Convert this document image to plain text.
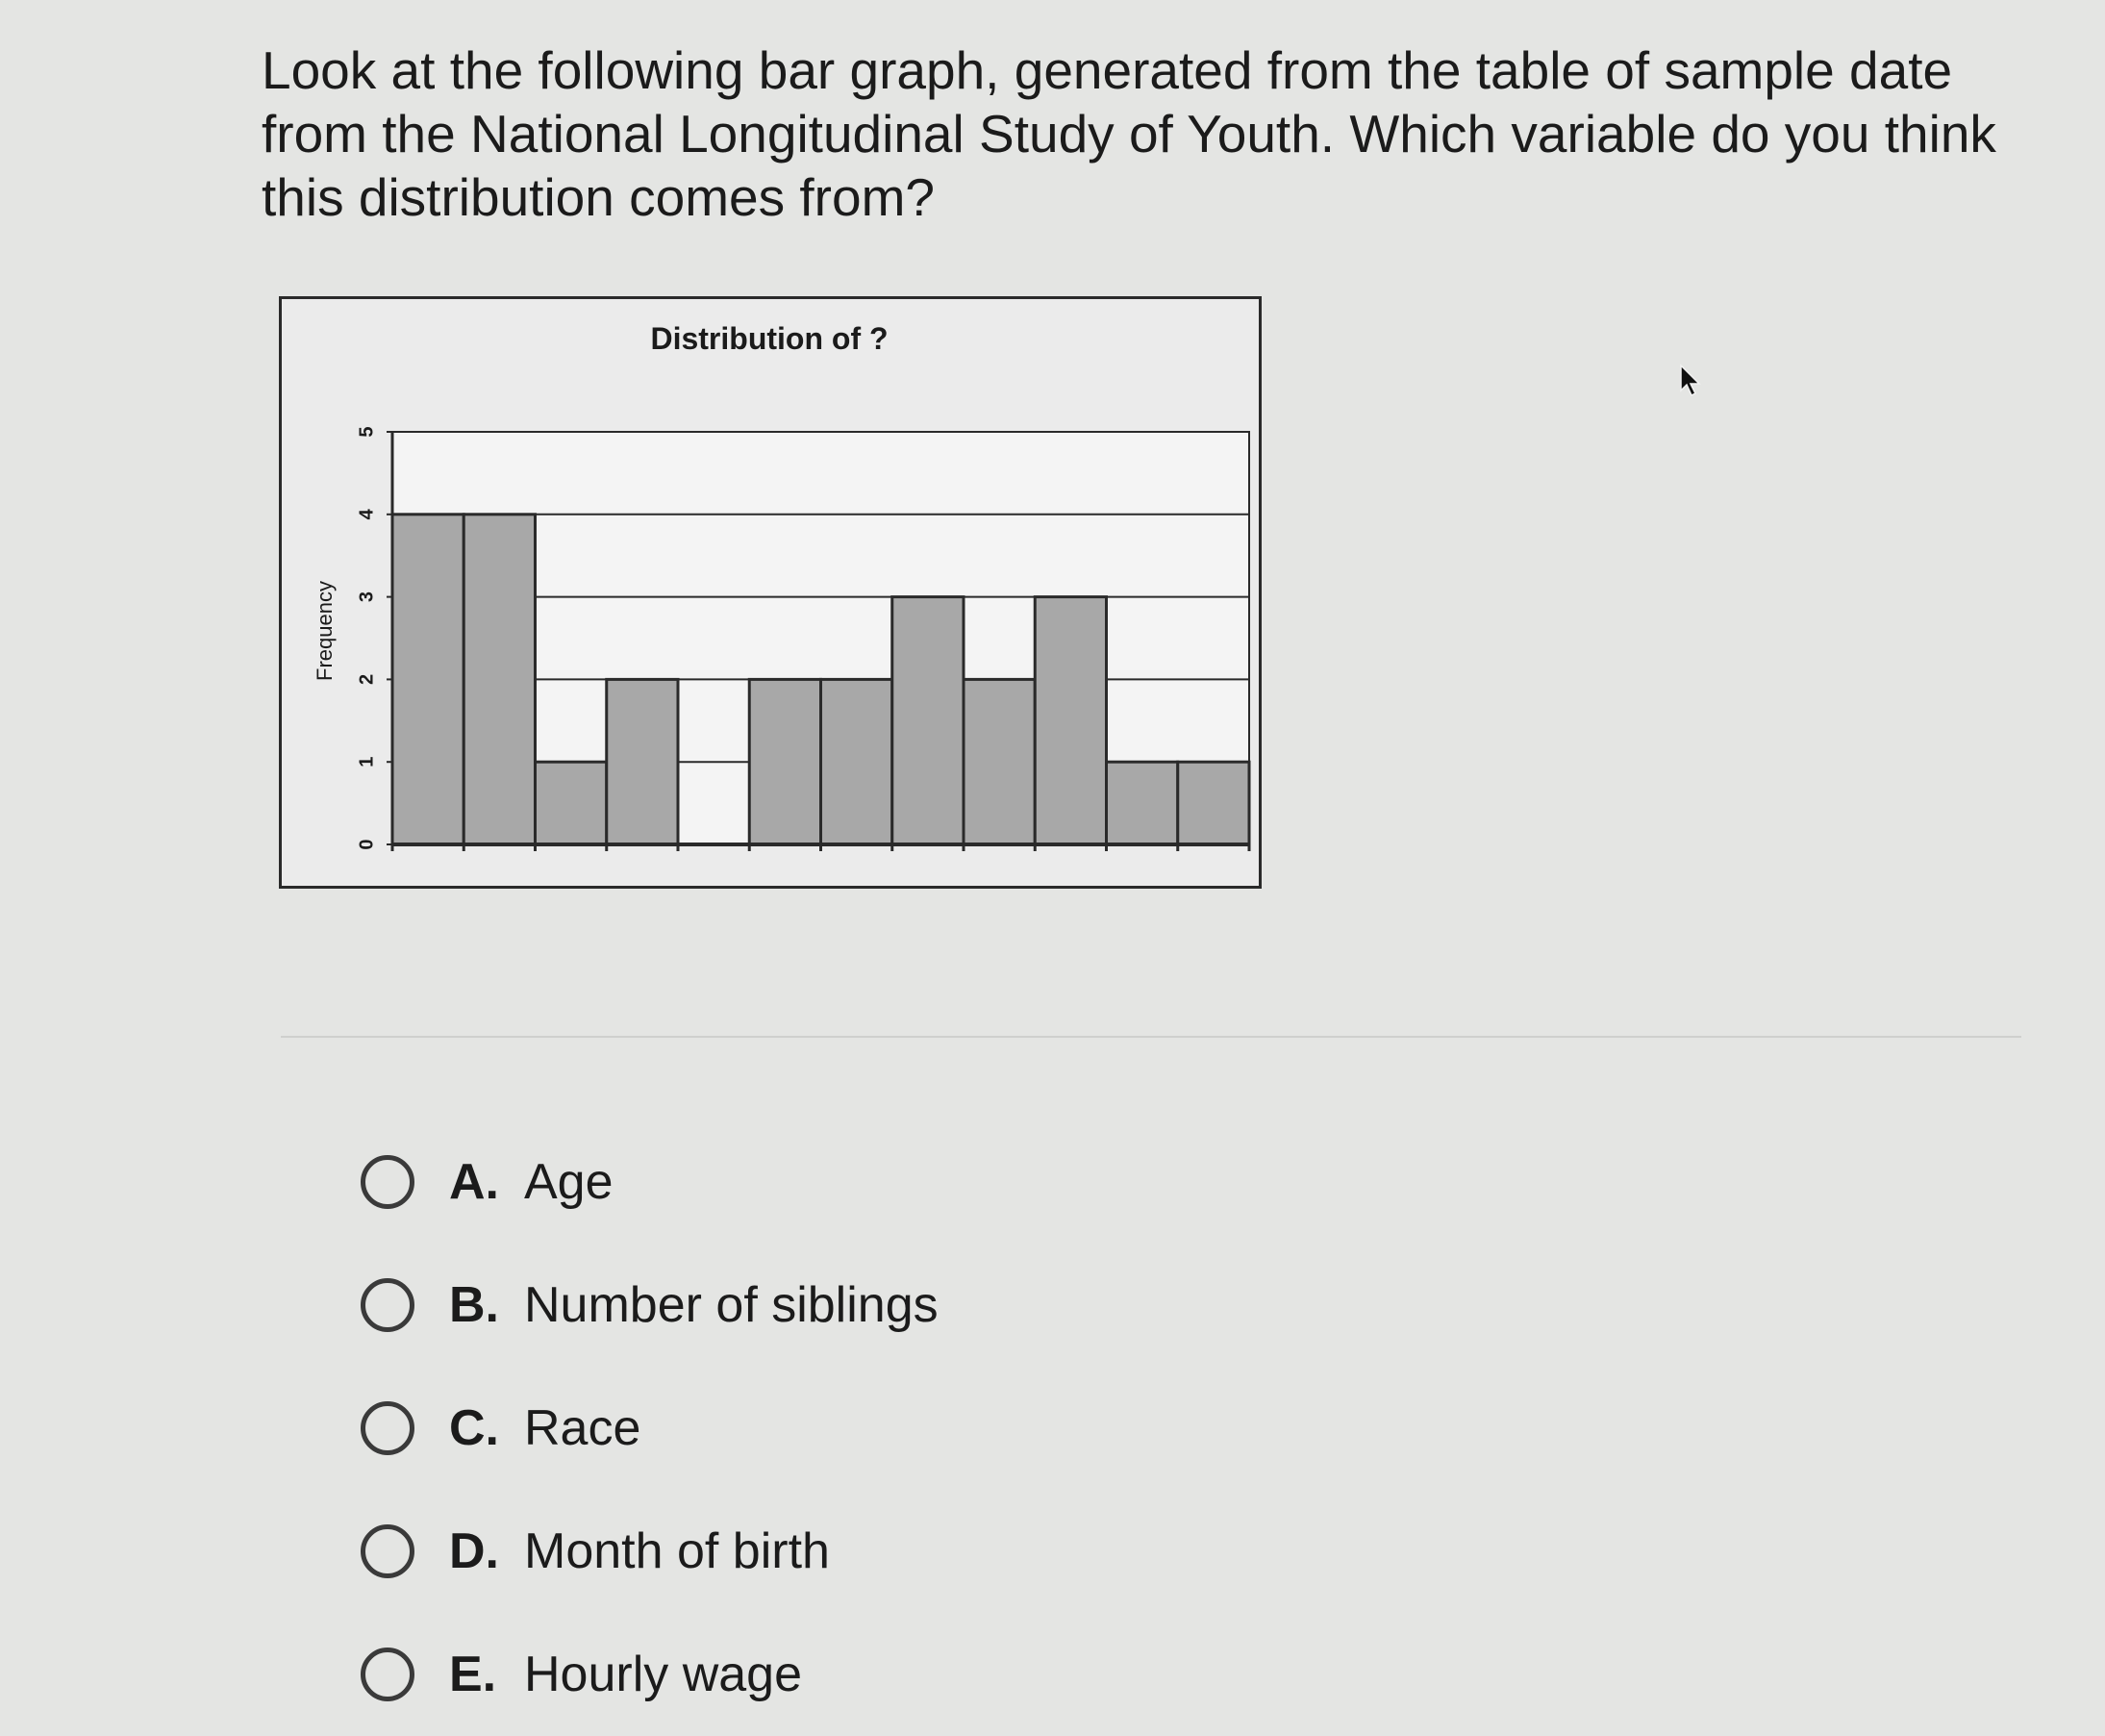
Look at the following bar graph, generated from the table of sample date from the National Longitudinal Study of Youth. Which variable do you think this distribution comes from?

Distribution of ?
Frequency
0
1
2
3
4
5
A. Age
B. Number of siblings
C. Race
D. Month of birth
E. Hourly wage
